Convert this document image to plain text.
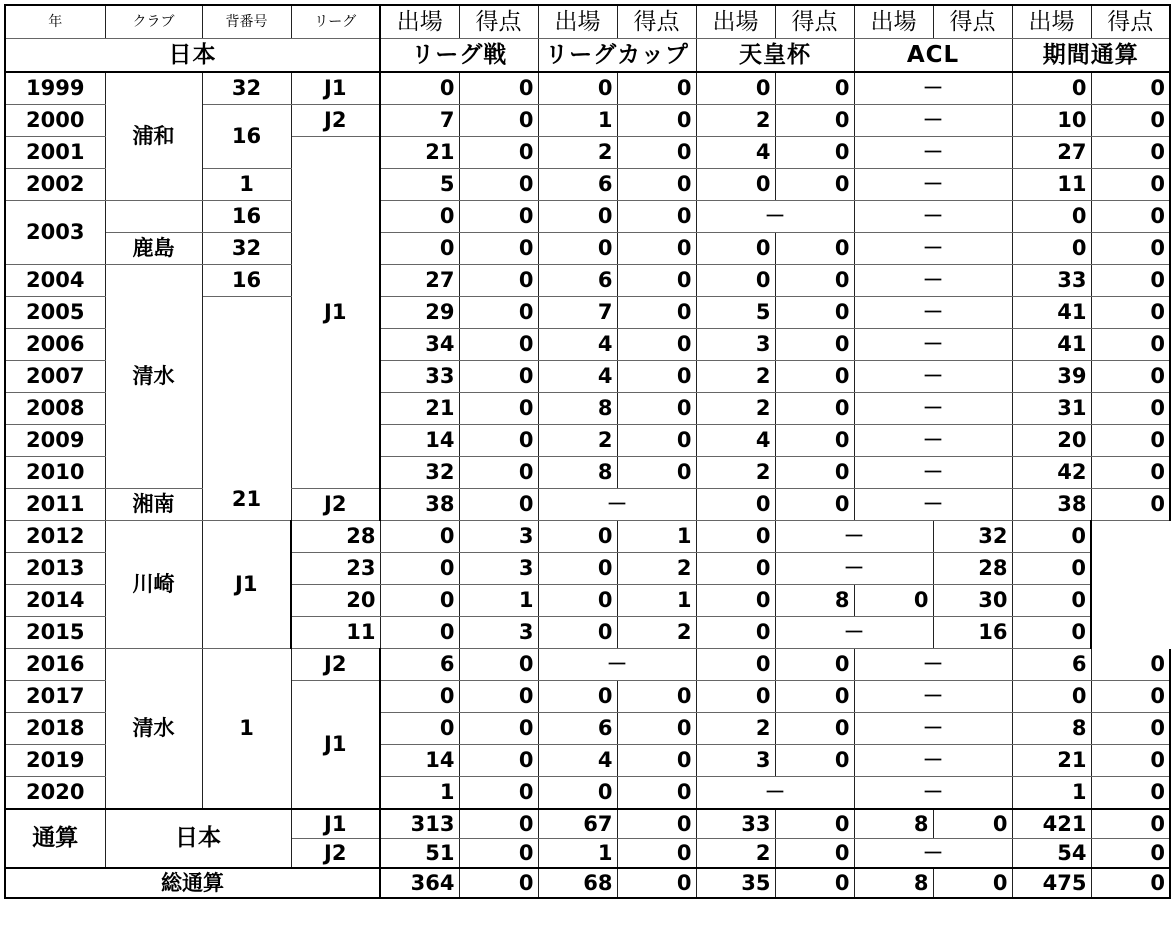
年	クラブ	背番号	リーグ	出場	得点	出場	得点	出場	得点	出場	得点	出場	得点
日本				リーグ戦		リーグカップ		天皇杯		ACL		期間通算	
1999	浦和	32	J1	0	0	0	0	0	0	－		0	0
2000		16	J2	7	0	1	0	2	0	－		10	0
2001			J1	21	0	2	0	4	0	－		27	0
2002		1		5	0	6	0	0	0	－		11	0
2003		16		0	0	0	0	－		－		0	0
	鹿島	32		0	0	0	0	0	0	－		0	0
2004	清水	16		27	0	6	0	0	0	－		33	0
2005		21		29	0	7	0	5	0	－		41	0
2006				34	0	4	0	3	0	－		41	0
2007				33	0	4	0	2	0	－		39	0
2008				21	0	8	0	2	0	－		31	0
2009				14	0	2	0	4	0	－		20	0
2010				32	0	8	0	2	0	－		42	0
2011	湘南		J2	38	0	－		0	0	－		38	0
2012	川崎	J1	28	0	3	0	1	0	－		32	0	
2013			23	0	3	0	2	0	－		28	0	
2014			20	0	1	0	1	0	8	0	30	0	
2015			11	0	3	0	2	0	－		16	0	
2016	清水	1	J2	6	0	－		0	0	－		6	0
2017			J1	0	0	0	0	0	0	－		0	0
2018				0	0	6	0	2	0	－		8	0
2019				14	0	4	0	3	0	－		21	0
2020				1	0	0	0	－		－		1	0
通算	日本		J1	313	0	67	0	33	0	8	0	421	0
			J2	51	0	1	0	2	0	－		54	0
総通算				364	0	68	0	35	0	8	0	475	0
